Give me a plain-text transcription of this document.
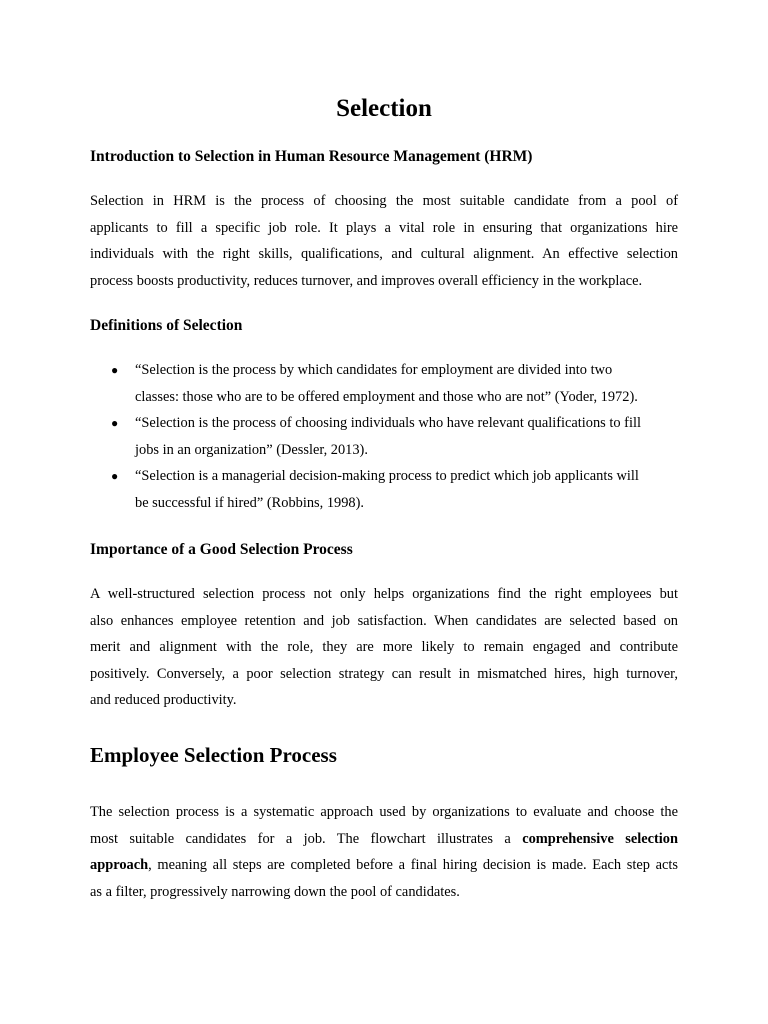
Selection
Introduction to Selection in Human Resource Management (HRM)

Selection in HRM is the process of choosing the most suitable candidate from a pool of
applicants to fill a specific job role. It plays a vital role in ensuring that organizations hire
individuals with the right skills, qualifications, and cultural alignment. An effective selection
process boosts productivity, reduces turnover, and improves overall efficiency in the workplace.

Definitions of Selection
● “Selection is the process by which candidates for employment are divided into two
classes: those who are to be offered employment and those who are not” (Yoder, 1972).
● “Selection is the process of choosing individuals who have relevant qualifications to fill
jobs in an organization” (Dessler, 2013).
● “Selection is a managerial decision-making process to predict which job applicants will
be successful if hired” (Robbins, 1998).
Importance of a Good Selection Process

A well-structured selection process not only helps organizations find the right employees but
also enhances employee retention and job satisfaction. When candidates are selected based on
merit and alignment with the role, they are more likely to remain engaged and contribute
positively. Conversely, a poor selection strategy can result in mismatched hires, high turnover,
and reduced productivity.

Employee Selection Process

The selection process is a systematic approach used by organizations to evaluate and choose the
most suitable candidates for a job. The flowchart illustrates a comprehensive selection
approach, meaning all steps are completed before a final hiring decision is made. Each step acts
as a filter, progressively narrowing down the pool of candidates.
